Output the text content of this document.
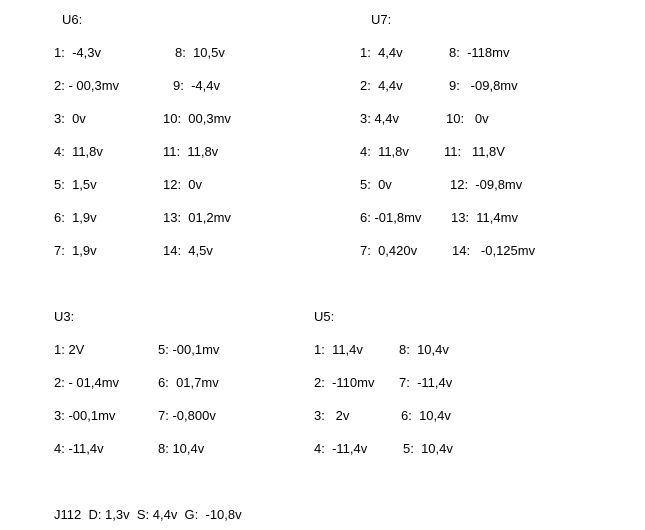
U6:
1:  -4,3v
2: - 00,3mv
3:  0v
4:  11,8v
5:  1,5v
6:  1,9v
7:  1,9v
8:  10,5v
9:  -4,4v
10:  00,3mv
11:  11,8v
12:  0v
13:  01,2mv
14:  4,5v
U7:
1:  4,4v
2:  4,4v
3: 4,4v
4:  11,8v
5:  0v
6: -01,8mv
7:  0,420v
8:  -118mv
9:   -09,8mv
10:   0v
11:   11,8V
12:  -09,8mv
13:  11,4mv
14:   -0,125mv
U3:
1: 2V
2: - 01,4mv
3: -00,1mv
4: -11,4v
5: -00,1mv
6:  01,7mv
7: -0,800v
8: 10,4v
U5:
1:  11,4v
2:  -110mv
3:   2v
4:  -11,4v
8:  10,4v
7:  -11,4v
6:  10,4v
5:  10,4v
J112  D: 1,3v  S: 4,4v  G:  -10,8v
